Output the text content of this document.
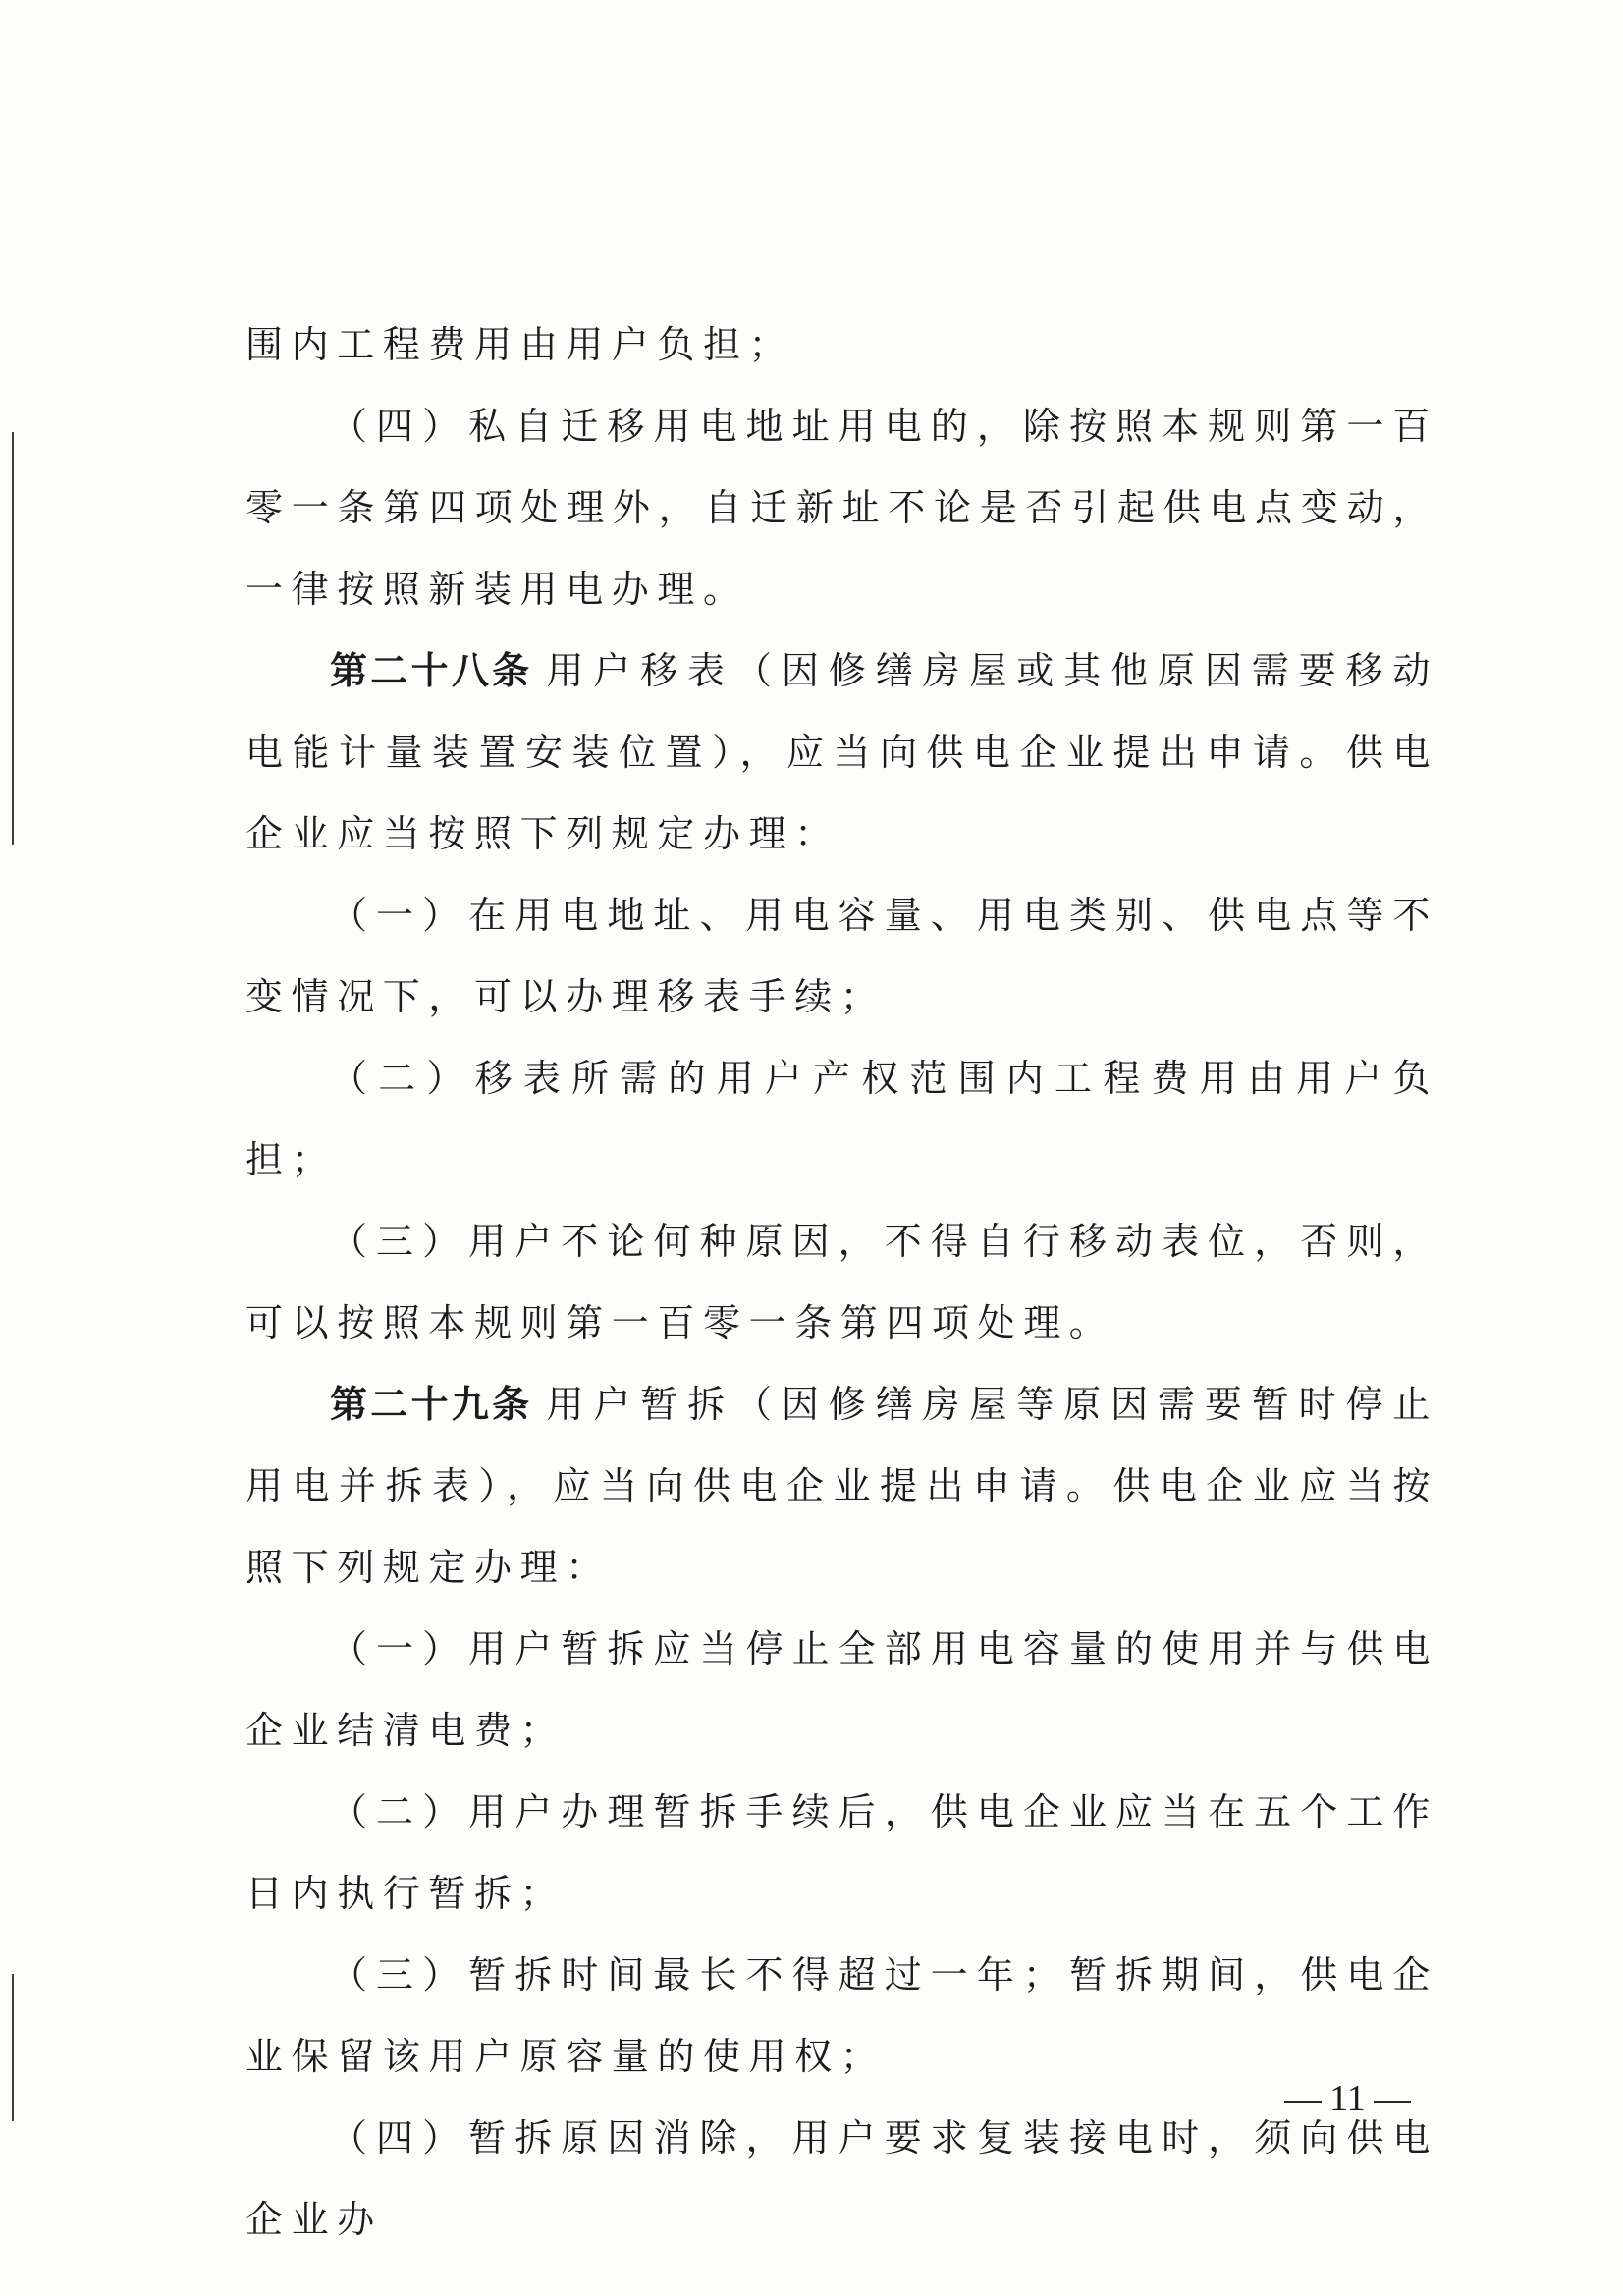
围内工程费用由用户负担；

（四）私自迁移用电地址用电的，除按照本规则第一百零一条第四项处理外，自迁新址不论是否引起供电点变动，一律按照新装用电办理。

第二十八条 用户移表（因修缮房屋或其他原因需要移动电能计量装置安装位置），应当向供电企业提出申请。供电企业应当按照下列规定办理：

（一）在用电地址、用电容量、用电类别、供电点等不变情况下，可以办理移表手续；

（二）移表所需的用户产权范围内工程费用由用户负担；

（三）用户不论何种原因，不得自行移动表位，否则，可以按照本规则第一百零一条第四项处理。

第二十九条 用户暂拆（因修缮房屋等原因需要暂时停止用电并拆表），应当向供电企业提出申请。供电企业应当按照下列规定办理：

（一）用户暂拆应当停止全部用电容量的使用并与供电企业结清电费；

（二）用户办理暂拆手续后，供电企业应当在五个工作日内执行暂拆；

（三）暂拆时间最长不得超过一年；暂拆期间，供电企业保留该用户原容量的使用权；

（四）暂拆原因消除，用户要求复装接电时，须向供电企业办

11
